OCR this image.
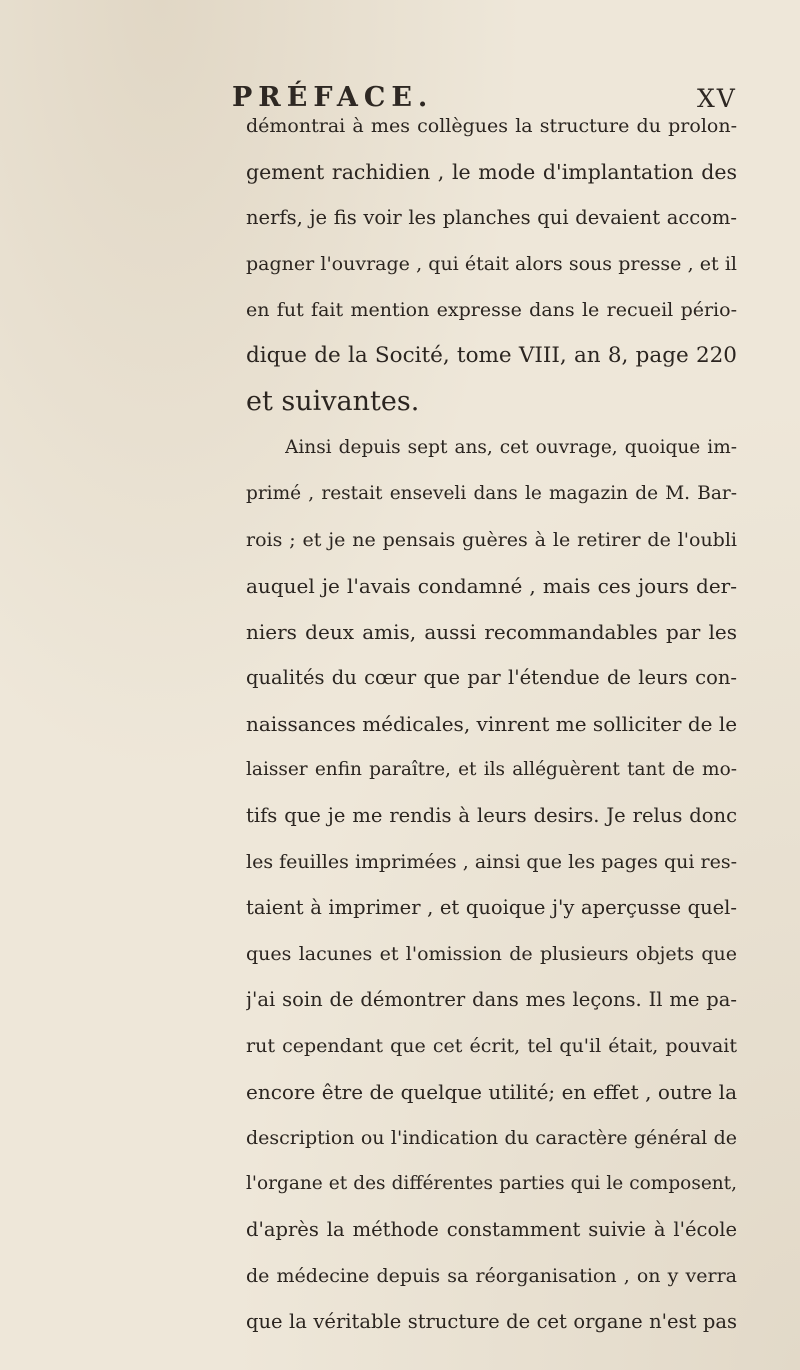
PRÉFACE.	XV
démontrai à mes collègues la structure du prolon-
gement rachidien , le mode d'implantation des
nerfs, je fis voir les planches qui devaient accom-
pagner l'ouvrage , qui était alors sous presse , et il
en fut fait mention expresse dans le recueil pério-
dique de la Socité, tome VIII, an 8, page 220
et suivantes.
Ainsi depuis sept ans, cet ouvrage, quoique im-
primé , restait enseveli dans le magazin de M. Bar-
rois ; et je ne pensais guères à le retirer de l'oubli
auquel je l'avais condamné , mais ces jours der-
niers deux amis, aussi recommandables par les
qualités du cœur que par l'étendue de leurs con-
naissances médicales, vinrent me solliciter de le
laisser enfin paraître, et ils alléguèrent tant de mo-
tifs que je me rendis à leurs desirs. Je relus donc
les feuilles imprimées , ainsi que les pages qui res-
taient à imprimer , et quoique j'y aperçusse quel-
ques lacunes et l'omission de plusieurs objets que
j'ai soin de démontrer dans mes leçons. Il me pa-
rut cependant que cet écrit, tel qu'il était, pouvait
encore être de quelque utilité; en effet , outre la
description ou l'indication du caractère général de
l'organe et des différentes parties qui le composent,
d'après la méthode constamment suivie à l'école
de médecine depuis sa réorganisation , on y verra
que la véritable structure de cet organe n'est pas
